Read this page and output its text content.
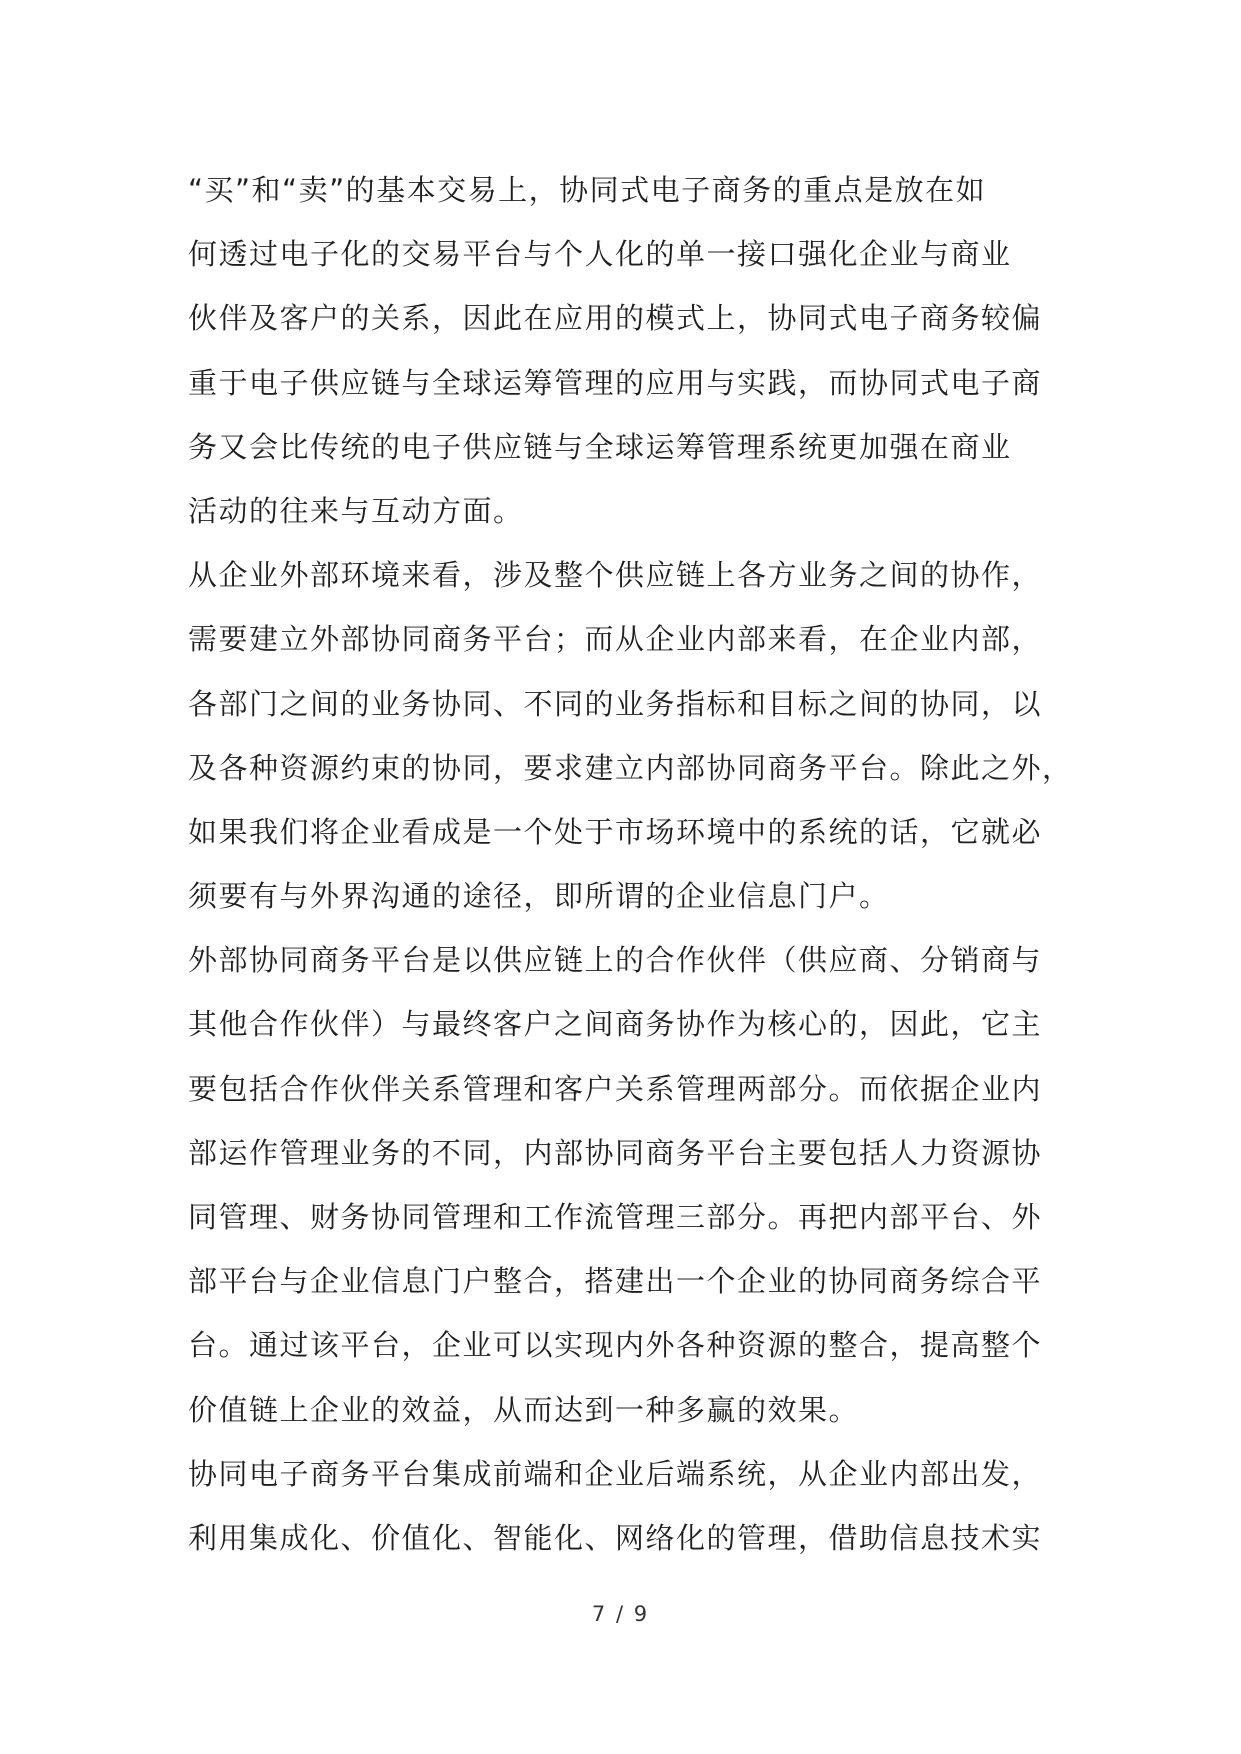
“买”和“卖”的基本交易上，协同式电子商务的重点是放在如
何透过电子化的交易平台与个人化的单一接口强化企业与商业
伙伴及客户的关系，因此在应用的模式上，协同式电子商务较偏
重于电子供应链与全球运筹管理的应用与实践，而协同式电子商
务又会比传统的电子供应链与全球运筹管理系统更加强在商业
活动的往来与互动方面。
从企业外部环境来看，涉及整个供应链上各方业务之间的协作，
需要建立外部协同商务平台；而从企业内部来看，在企业内部，
各部门之间的业务协同、不同的业务指标和目标之间的协同，以
及各种资源约束的协同，要求建立内部协同商务平台。除此之外，
如果我们将企业看成是一个处于市场环境中的系统的话，它就必
须要有与外界沟通的途径，即所谓的企业信息门户。
外部协同商务平台是以供应链上的合作伙伴（供应商、分销商与
其他合作伙伴）与最终客户之间商务协作为核心的，因此，它主
要包括合作伙伴关系管理和客户关系管理两部分。而依据企业内
部运作管理业务的不同，内部协同商务平台主要包括人力资源协
同管理、财务协同管理和工作流管理三部分。再把内部平台、外
部平台与企业信息门户整合，搭建出一个企业的协同商务综合平
台。通过该平台，企业可以实现内外各种资源的整合，提高整个
价值链上企业的效益，从而达到一种多赢的效果。
协同电子商务平台集成前端和企业后端系统，从企业内部出发，
利用集成化、价值化、智能化、网络化的管理，借助信息技术实
7 / 9
